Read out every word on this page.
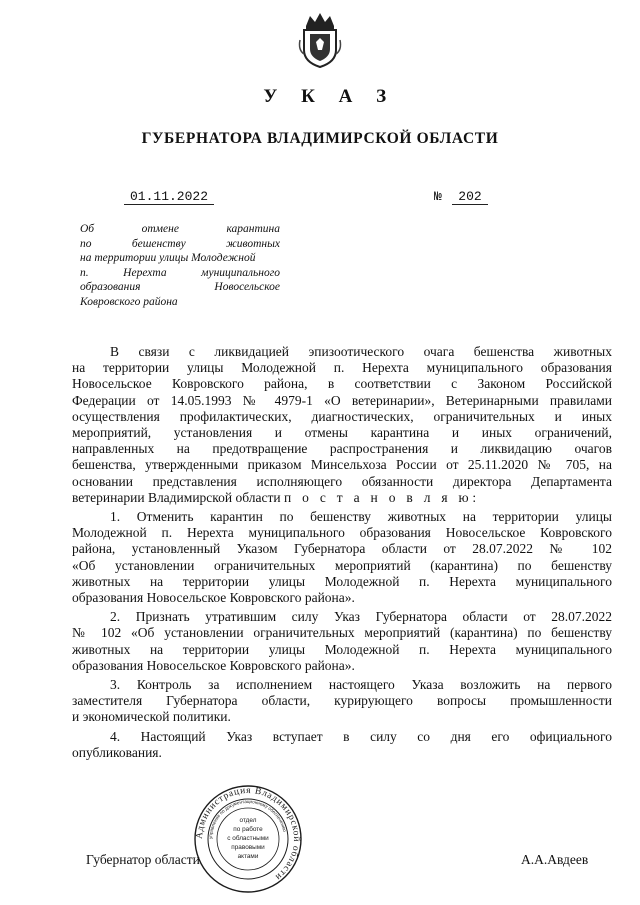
У К А З
ГУБЕРНАТОРА ВЛАДИМИРСКОЙ ОБЛАСТИ
01.11.2022	№	202
Об	отмене	карантина
по	бешенству	животных
на территории улицы Молодежной
п.	Нерехта	муниципального
образования	Новосельское
Ковровского района

В связи с ликвидацией эпизоотического очага бешенства животных

на территории улицы Молодежной п. Нерехта муниципального образования

Новосельское Ковровского района, в соответствии с Законом Российской

Федерации от 14.05.1993 № 4979-1 «О ветеринарии», Ветеринарными правилами

осуществления профилактических, диагностических, ограничительных и иных

мероприятий, установления и отмены карантина и иных ограничений,

направленных на предотвращение распространения и ликвидацию очагов

бешенства, утвержденными приказом Минсельхоза России от 25.11.2020 № 705, на

основании представления исполняющего обязанности директора Департамента

ветеринарии Владимирской области п о с т а н о в л я ю:

1. Отменить карантин по бешенству животных на территории улицы

Молодежной п. Нерехта муниципального образования Новосельское Ковровского

района, установленный Указом Губернатора области от 28.07.2022 № 102

«Об установлении ограничительных мероприятий (карантина) по бешенству

животных на территории улицы Молодежной п. Нерехта муниципального

образования Новосельское Ковровского района».

2. Признать утратившим силу Указ Губернатора области от 28.07.2022

№ 102 «Об установлении ограничительных мероприятий (карантина) по бешенству

животных на территории улицы Молодежной п. Нерехта муниципального

образования Новосельское Ковровского района».

3. Контроль за исполнением настоящего Указа возложить на первого

заместителя Губернатора области, курирующего вопросы промышленности

и экономической политики.

4. Настоящий Указ вступает в силу со дня его официального

опубликования.

Администрация Владимирской области
управление по документационному обеспечению
отдел
по работе
с областными
правовыми
актами
Губернатор области	А.А.Авдеев
